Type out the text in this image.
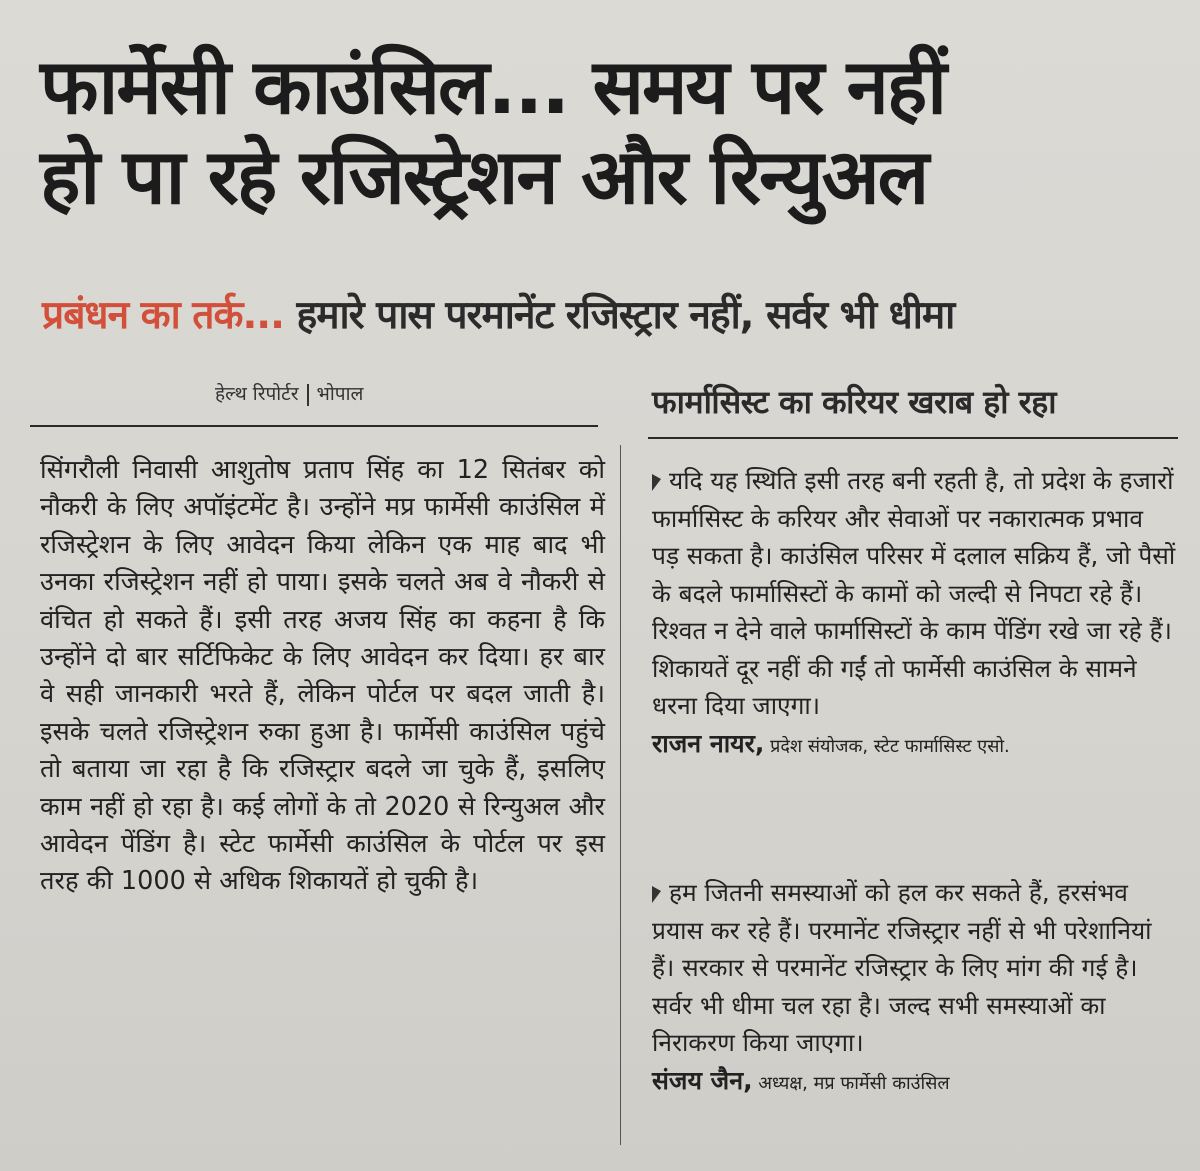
फार्मेसी काउंसिल... समय पर नहीं
हो पा रहे रजिस्ट्रेशन और रिन्युअल
प्रबंधन का तर्क... हमारे पास परमानेंट रजिस्ट्रार नहीं, सर्वर भी धीमा
हेल्थ रिपोर्टर भोपाल

सिंगरौली निवासी आशुतोष प्रताप सिंह का 12 सितंबर को नौकरी के लिए अपॉइंटमेंट है। उन्होंने मप्र फार्मेसी काउंसिल में रजिस्ट्रेशन के लिए आवेदन किया लेकिन एक माह बाद भी उनका रजिस्ट्रेशन नहीं हो पाया। इसके चलते अब वे नौकरी से वंचित हो सकते हैं। इसी तरह अजय सिंह का कहना है कि उन्होंने दो बार सर्टिफिकेट के लिए आवेदन कर दिया। हर बार वे सही जानकारी भरते हैं, लेकिन पोर्टल पर बदल जाती है। इसके चलते रजिस्ट्रेशन रुका हुआ है। फार्मेसी काउंसिल पहुंचे तो बताया जा रहा है कि रजिस्ट्रार बदले जा चुके हैं, इसलिए काम नहीं हो रहा है। कई लोगों के तो 2020 से रिन्युअल और आवेदन पेंडिंग है। स्टेट फार्मेसी काउंसिल के पोर्टल पर इस तरह की 1000 से अधिक शिकायतें हो चुकी है।

फार्मासिस्ट का करियर खराब हो रहा
यदि यह स्थिति इसी तरह बनी रहती है, तो प्रदेश के हजारों फार्मासिस्ट के करियर और सेवाओं पर नकारात्मक प्रभाव पड़ सकता है। काउंसिल परिसर में दलाल सक्रिय हैं, जो पैसों के बदले फार्मासिस्टों के कामों को जल्दी से निपटा रहे हैं। रिश्वत न देने वाले फार्मासिस्टों के काम पेंडिंग रखे जा रहे हैं। शिकायतें दूर नहीं की गईं तो फार्मेसी काउंसिल के सामने धरना दिया जाएगा।
राजन नायर, प्रदेश संयोजक, स्टेट फार्मासिस्ट एसो.
हम जितनी समस्याओं को हल कर सकते हैं, हरसंभव प्रयास कर रहे हैं। परमानेंट रजिस्ट्रार नहीं से भी परेशानियां हैं। सरकार से परमानेंट रजिस्ट्रार के लिए मांग की गई है। सर्वर भी धीमा चल रहा है। जल्द सभी समस्याओं का निराकरण किया जाएगा।
संजय जैन, अध्यक्ष, मप्र फार्मेसी काउंसिल
